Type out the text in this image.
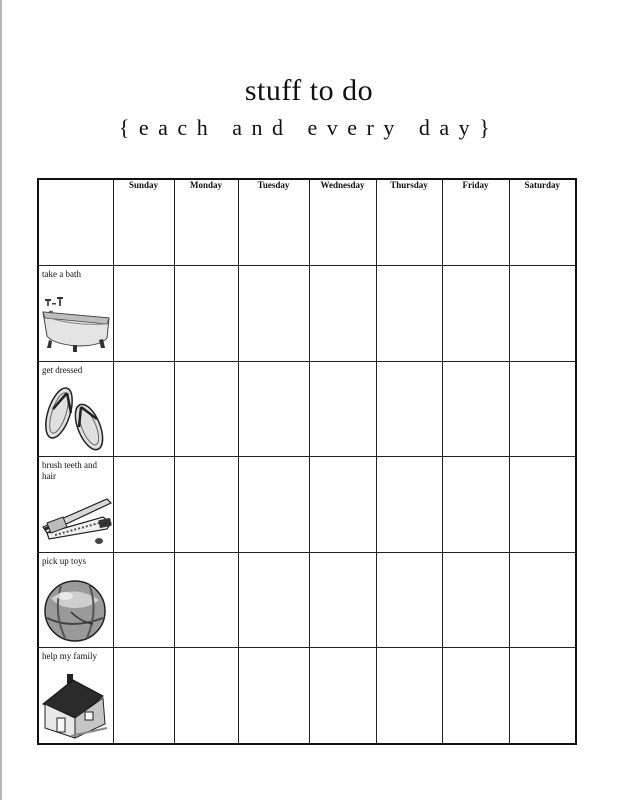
stuff to do
{each and every day}
	Sunday	Monday	Tuesday	Wednesday	Thursday	Friday	Saturday

take a bath							

get dressed							

brush teeth and hair							

pick up toys							

help my family							
